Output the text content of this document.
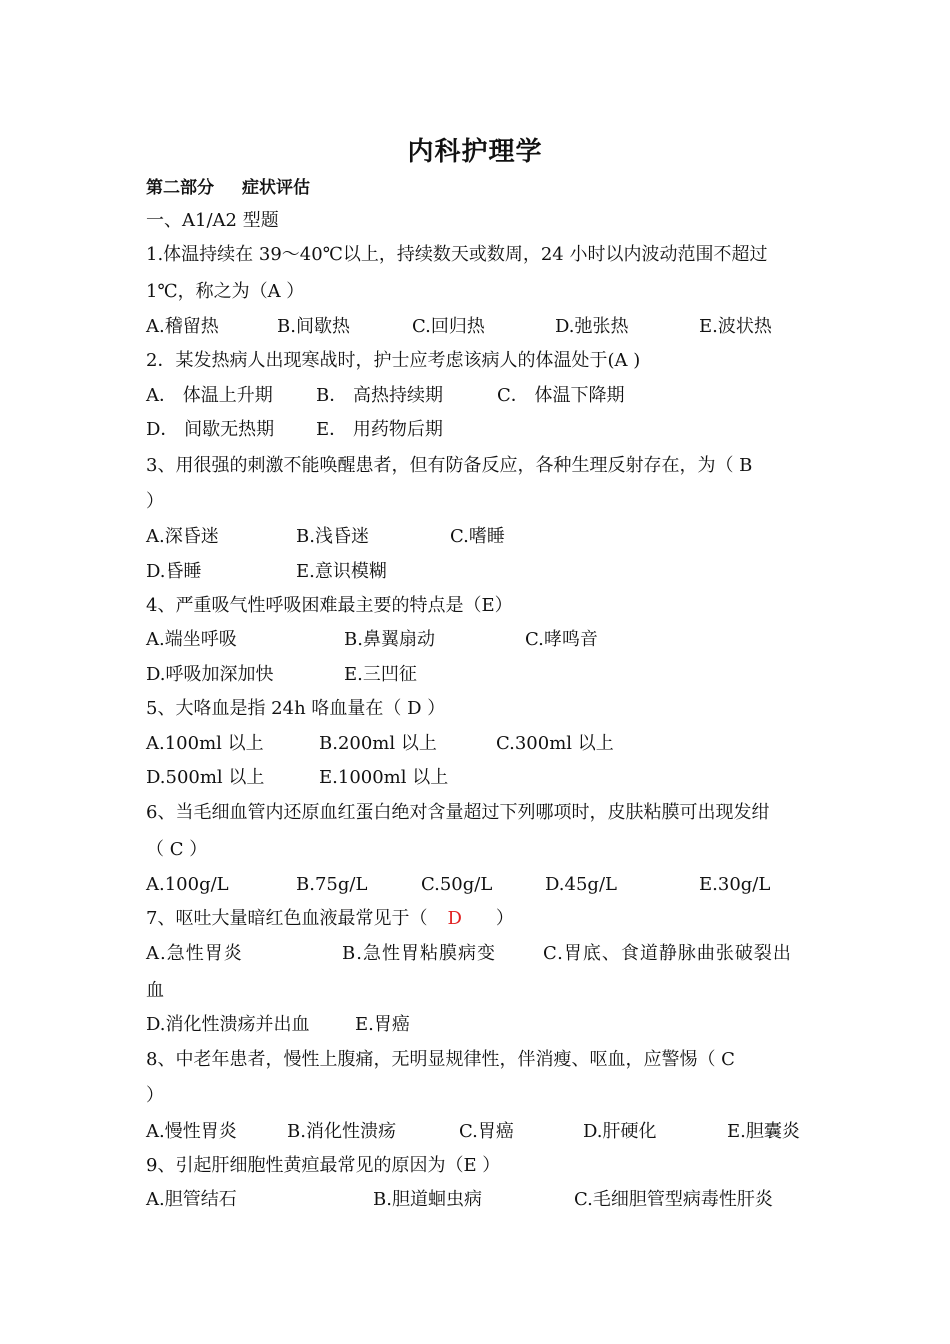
内科护理学
第二部分 症状评估
一、A1/A2 型题
1.体温持续在 39～40℃以上，持续数天或数周，24 小时以内波动范围不超过
1℃，称之为（A ）
A.稽留热	B.间歇热	C.回归热	D.弛张热	E.波状热
2．某发热病人出现寒战时，护士应考虑该病人的体温处于(A )
A． 体温上升期 B． 高热持续期	C． 体温下降期
D． 间歇无热期 E． 用药物后期
3、用很强的刺激不能唤醒患者，但有防备反应，各种生理反射存在，为（ B
）
A.深昏迷	B.浅昏迷	C.嗜睡
D.昏睡	E.意识模糊
4、严重吸气性呼吸困难最主要的特点是（E）
A.端坐呼吸	B.鼻翼扇动	C.哮鸣音
D.呼吸加深加快	E.三凹征
5、大咯血是指 24h 咯血量在（ D ）
A.100ml 以上	B.200ml 以上	C.300ml 以上
D.500ml 以上	E.1000ml 以上
6、当毛细血管内还原血红蛋白绝对含量超过下列哪项时，皮肤粘膜可出现发绀
（ C ）
A.100g/L	B.75g/L	C.50g/L	D.45g/L	E.30g/L
7、呕吐大量暗红色血液最常见于（ D ）
A.急性胃炎	B.急性胃粘膜病变	C.胃底、食道静脉曲张破裂出
血
D.消化性溃疡并出血	E.胃癌
8、中老年患者，慢性上腹痛，无明显规律性，伴消瘦、呕血，应警惕（ C
）
A.慢性胃炎	B.消化性溃疡	C.胃癌	D.肝硬化	E.胆囊炎
9、引起肝细胞性黄疸最常见的原因为（E ）
A.胆管结石	B.胆道蛔虫病	C.毛细胆管型病毒性肝炎
